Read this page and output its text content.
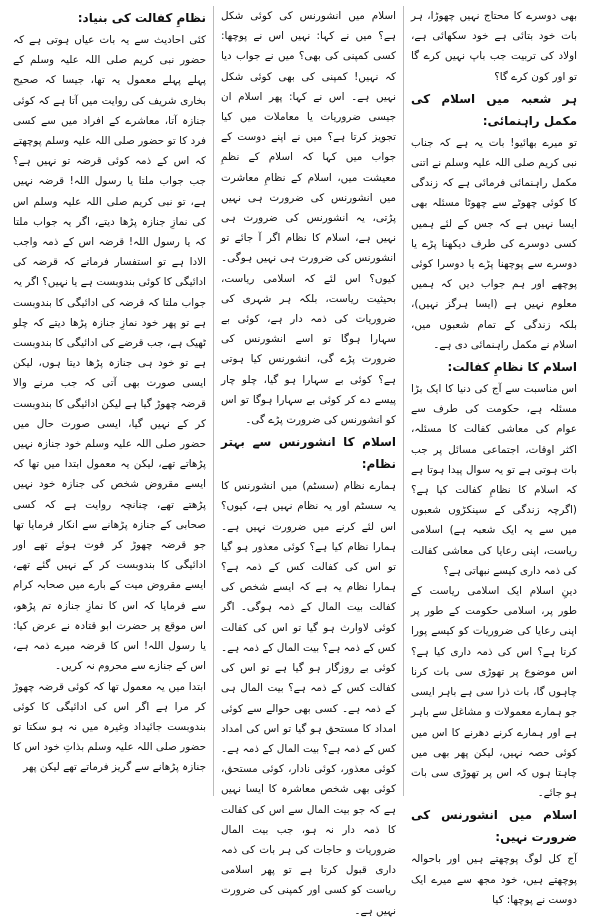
بھی دوسرے کا محتاج نہیں چھوڑا، ہر بات خود بتائی ہے خود سکھائی ہے، اولاد کی تربیت جب باپ نہیں کرے گا تو اور کون کرے گا؟

ہر شعبہ میں اسلام کی مکمل راہنمائی:

تو میرے بھائیو! بات یہ ہے کہ جناب نبی کریم صلی اللہ علیہ وسلم نے اتنی مکمل راہنمائی فرمائی ہے کہ زندگی کا کوئی چھوٹے سے چھوٹا مسئلہ بھی ایسا نہیں ہے کہ جس کے لئے ہمیں کسی دوسرے کی طرف دیکھنا پڑے یا دوسرے سے پوچھنا پڑے یا دوسرا کوئی پوچھے اور ہم جواب دیں کہ ہمیں معلوم نہیں ہے (ایسا ہرگز نہیں)، بلکہ زندگی کے تمام شعبوں میں، اسلام نے مکمل راہنمائی دی ہے۔

اسلام کا نظامِ کفالت:

اس مناسبت سے آج کی دنیا کا ایک بڑا مسئلہ ہے، حکومت کی طرف سے عوام کی معاشی کفالت کا مسئلہ، اکثر اوقات، اجتماعی مسائل پر جب بات ہوتی ہے تو یہ سوال پیدا ہوتا ہے کہ اسلام کا نظامِ کفالت کیا ہے؟ (اگرچہ زندگی کے سینکڑوں شعبوں میں سے یہ ایک شعبہ ہے) اسلامی ریاست، اپنی رعایا کی معاشی کفالت کی ذمہ داری کیسے نبھاتی ہے؟

دینِ اسلام ایک اسلامی ریاست کے طور پر، اسلامی حکومت کے طور پر اپنی رعایا کی ضروریات کو کیسے پورا کرتا ہے؟ اس کی ذمہ داری کیا ہے؟ اس موضوع پر تھوڑی سی بات کرنا چاہوں گا، بات ذرا سی ہے باہر ایسی جو ہمارے معمولات و مشاغل سے باہر ہے اور ہمارے کرنے دھرنے کا اس میں کوئی حصہ نہیں، لیکن پھر بھی میں چاہتا ہوں کہ اس پر تھوڑی سی بات ہو جائے۔

اسلام میں انشورنس کی ضرورت نہیں:

آج کل لوگ پوچھتے ہیں اور باحوالہ پوچھتے ہیں، خود مجھ سے میرے ایک دوست نے پوچھا: کیا

اسلام میں انشورنس کی کوئی شکل ہے؟ میں نے کہا: نہیں اس نے پوچھا: کسی کمپنی کی بھی؟ میں نے جواب دیا کہ نہیں! کمپنی کی بھی کوئی شکل نہیں ہے۔ اس نے کہا: پھر اسلام ان جیسی ضروریات یا معاملات میں کیا تجویز کرتا ہے؟ میں نے اپنے دوست کے جواب میں کہا کہ اسلام کے نظمِ معیشت میں، اسلام کے نظامِ معاشرت میں انشورنس کی ضرورت ہی نہیں پڑتی، یہ انشورنس کی ضرورت ہی نہیں ہے، اسلام کا نظام اگر آ جائے تو انشورنس کی ضرورت ہی نہیں ہوگی۔ کیوں؟ اس لئے کہ اسلامی ریاست، بحیثیت ریاست، بلکہ ہر شہری کی ضروریات کی ذمہ دار ہے، کوئی بے سہارا ہوگا تو اسے انشورنس کی ضرورت پڑے گی، انشورنس کیا ہوتی ہے؟ کوئی بے سہارا ہو گیا، چلو چار پیسے دے کر کوئی بے سہارا ہوگا تو اس کو انشورنس کی ضرورت پڑے گی۔

اسلام کا انشورنس سے بہتر نظام:

ہمارے نظام (سسٹم) میں انشورنس کا یہ سسٹم اور یہ نظام نہیں ہے، کیوں؟ اس لئے کرنے میں ضرورت نہیں ہے۔ ہمارا نظام کیا ہے؟ کوئی معذور ہو گیا تو اس کی کفالت کس کے ذمہ ہے؟ ہمارا نظام یہ ہے کہ ایسے شخص کی کفالت بیت المال کے ذمہ ہوگی۔ اگر کوئی لاوارث ہو گیا تو اس کی کفالت کس کے ذمہ ہے؟ بیت المال کے ذمہ ہے۔ کوئی بے روزگار ہو گیا ہے تو اس کی کفالت کس کے ذمہ ہے؟ بیت المال ہی کے ذمہ ہے۔ کسی بھی حوالے سے کوئی امداد کا مستحق ہو گیا تو اس کی امداد کس کے ذمہ ہے؟ بیت المال کے ذمہ ہے۔ کوئی معذور، کوئی نادار، کوئی مستحق، کوئی بھی شخص معاشرہ کا ایسا نہیں ہے کہ جو بیت المال سے اس کی کفالت کا ذمہ دار نہ ہو، جب بیت المال ضروریات و حاجات کی ہر بات کی ذمہ داری قبول کرتا ہے تو پھر اسلامی ریاست کو کسی اور کمپنی کی ضرورت نہیں ہے۔

نظامِ کفالت کی بنیاد:

کئی احادیث سے یہ بات عیاں ہوتی ہے کہ حضور نبی کریم صلی اللہ علیہ وسلم کے پہلے پہلے معمول یہ تھا، جیسا کہ صحیح بخاری شریف کی روایت میں آتا ہے کہ کوئی جنازہ آتا، معاشرے کے افراد میں سے کسی فرد کا تو حضور صلی اللہ علیہ وسلم پوچھتے کہ اس کے ذمہ کوئی قرضہ تو نہیں ہے؟ جب جواب ملتا یا رسول اللہ! قرضہ نہیں ہے، تو نبی کریم صلی اللہ علیہ وسلم اس کی نمازِ جنازہ پڑھا دیتے، اگر یہ جواب ملتا کہ یا رسول اللہ! قرضہ اس کے ذمہ واجب الادا ہے تو استفسار فرماتے کہ قرضہ کی ادائیگی کا کوئی بندوبست ہے یا نہیں؟ اگر یہ جواب ملتا کہ قرضہ کی ادائیگی کا بندوبست ہے تو پھر خود نمازِ جنازہ پڑھا دیتے کہ چلو ٹھیک ہے، جب قرضے کی ادائیگی کا بندوبست ہے تو خود ہی جنازہ پڑھا دیتا ہوں، لیکن ایسی صورت بھی آتی کہ جب مرنے والا قرضہ چھوڑ گیا ہے لیکن ادائیگی کا بندوبست کر کے نہیں گیا، ایسی صورت حال میں حضور صلی اللہ علیہ وسلم خود جنازہ نہیں پڑھاتے تھے، لیکن یہ معمول ابتدا میں تھا کہ ایسے مقروض شخص کی جنازہ خود نہیں پڑھتے تھے، چنانچہ روایت ہے کہ کسی صحابی کے جنازہ پڑھانے سے انکار فرمایا تھا جو قرضہ چھوڑ کر فوت ہوئے تھے اور ادائیگی کا بندوبست کر کے نہیں گئے تھے، ایسے مقروض میت کے بارے میں صحابہ کرام سے فرمایا کہ اس کا نمازِ جنازہ تم پڑھو، اس موقع پر حضرت ابو قتادہ نے عرض کیا: یا رسول اللہ! اس کا قرضہ میرے ذمہ ہے، اس کے جنازے سے محروم نہ کریں۔

ابتدا میں یہ معمول تھا کہ کوئی قرضہ چھوڑ کر مرا ہے اگر اس کی ادائیگی کا کوئی بندوبست جائیداد وغیرہ میں نہ ہو سکتا تو حضور صلی اللہ علیہ وسلم بذاتِ خود اس کا جنازہ پڑھانے سے گریز فرماتے تھے لیکن پھر
